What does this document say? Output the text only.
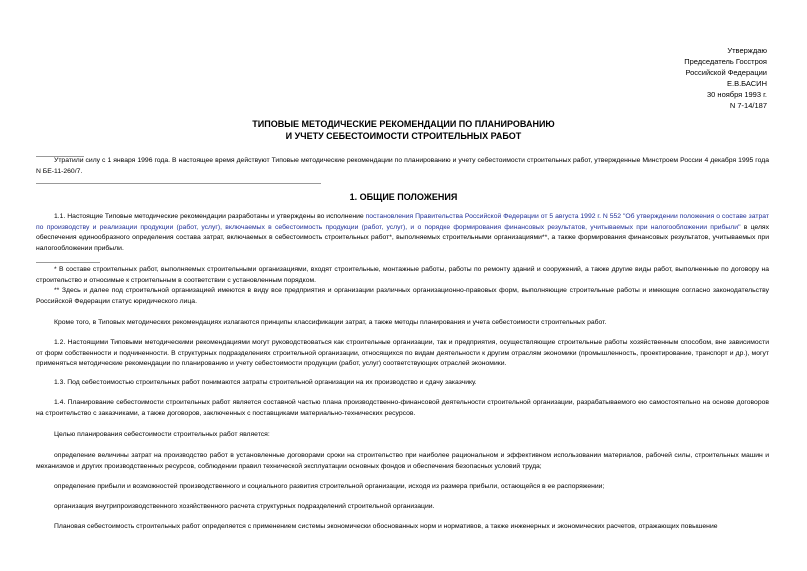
Утверждаю
Председатель Госстроя
Российской Федерации
Е.В.БАСИН
30 ноября 1993 г.
N 7-14/187
ТИПОВЫЕ МЕТОДИЧЕСКИЕ РЕКОМЕНДАЦИИ ПО ПЛАНИРОВАНИЮ
И УЧЕТУ СЕБЕСТОИМОСТИ СТРОИТЕЛЬНЫХ РАБОТ
Утратили силу с 1 января 1996 года. В настоящее время действуют Типовые методические рекомендации по планированию и учету себестоимости строительных работ, утвержденные Минстроем России 4 декабря 1995 года N БЕ-11-260/7.
1. ОБЩИЕ ПОЛОЖЕНИЯ
1.1. Настоящие Типовые методические рекомендации разработаны и утверждены во исполнение постановления Правительства Российской Федерации от 5 августа 1992 г. N 552 "Об утверждении положения о составе затрат по производству и реализации продукции (работ, услуг), включаемых в себестоимость продукции (работ, услуг), и о порядке формирования финансовых результатов, учитываемых при налогообложении прибыли" в целях обеспечения единообразного определения состава затрат, включаемых в себестоимость строительных работ*, выполняемых строительными организациями**, а также формирования финансовых результатов, учитываемых при налогообложении прибыли.
* В составе строительных работ, выполняемых строительными организациями, входят строительные, монтажные работы, работы по ремонту зданий и сооружений, а также другие виды работ, выполненные по договору на строительство и относимые к строительным в соответствии с установленным порядком.
** Здесь и далее под строительной организацией имеются в виду все предприятия и организации различных организационно-правовых форм, выполняющие строительные работы и имеющие согласно законодательству Российской Федерации статус юридического лица.
Кроме того, в Типовых методических рекомендациях излагаются принципы классификации затрат, а также методы планирования и учета себестоимости строительных работ.
1.2. Настоящими Типовыми методическими рекомендациями могут руководствоваться как строительные организации, так и предприятия, осуществляющие строительные работы хозяйственным способом, вне зависимости от форм собственности и подчиненности. В структурных подразделениях строительной организации, относящихся по видам деятельности к другим отраслям экономики (промышленность, проектирование, транспорт и др.), могут применяться методические рекомендации по планированию и учету себестоимости продукции (работ, услуг) соответствующих отраслей экономики.
1.3. Под себестоимостью строительных работ понимаются затраты строительной организации на их производство и сдачу заказчику.
1.4. Планирование себестоимости строительных работ является составной частью плана производственно-финансовой деятельности строительной организации, разрабатываемого ею самостоятельно на основе договоров на строительство с заказчиками, а также договоров, заключенных с поставщиками материально-технических ресурсов.
Целью планирования себестоимости строительных работ является:
определение величины затрат на производство работ в установленные договорами сроки на строительство при наиболее рациональном и эффективном использовании материалов, рабочей силы, строительных машин и механизмов и других производственных ресурсов, соблюдении правил технической эксплуатации основных фондов и обеспечения безопасных условий труда;
определение прибыли и возможностей производственного и социального развития строительной организации, исходя из размера прибыли, остающейся в ее распоряжении;
организация внутрипроизводственного хозяйственного расчета структурных подразделений строительной организации.
Плановая себестоимость строительных работ определяется с применением системы экономически обоснованных норм и нормативов, а также инженерных и экономических расчетов, отражающих повышение
